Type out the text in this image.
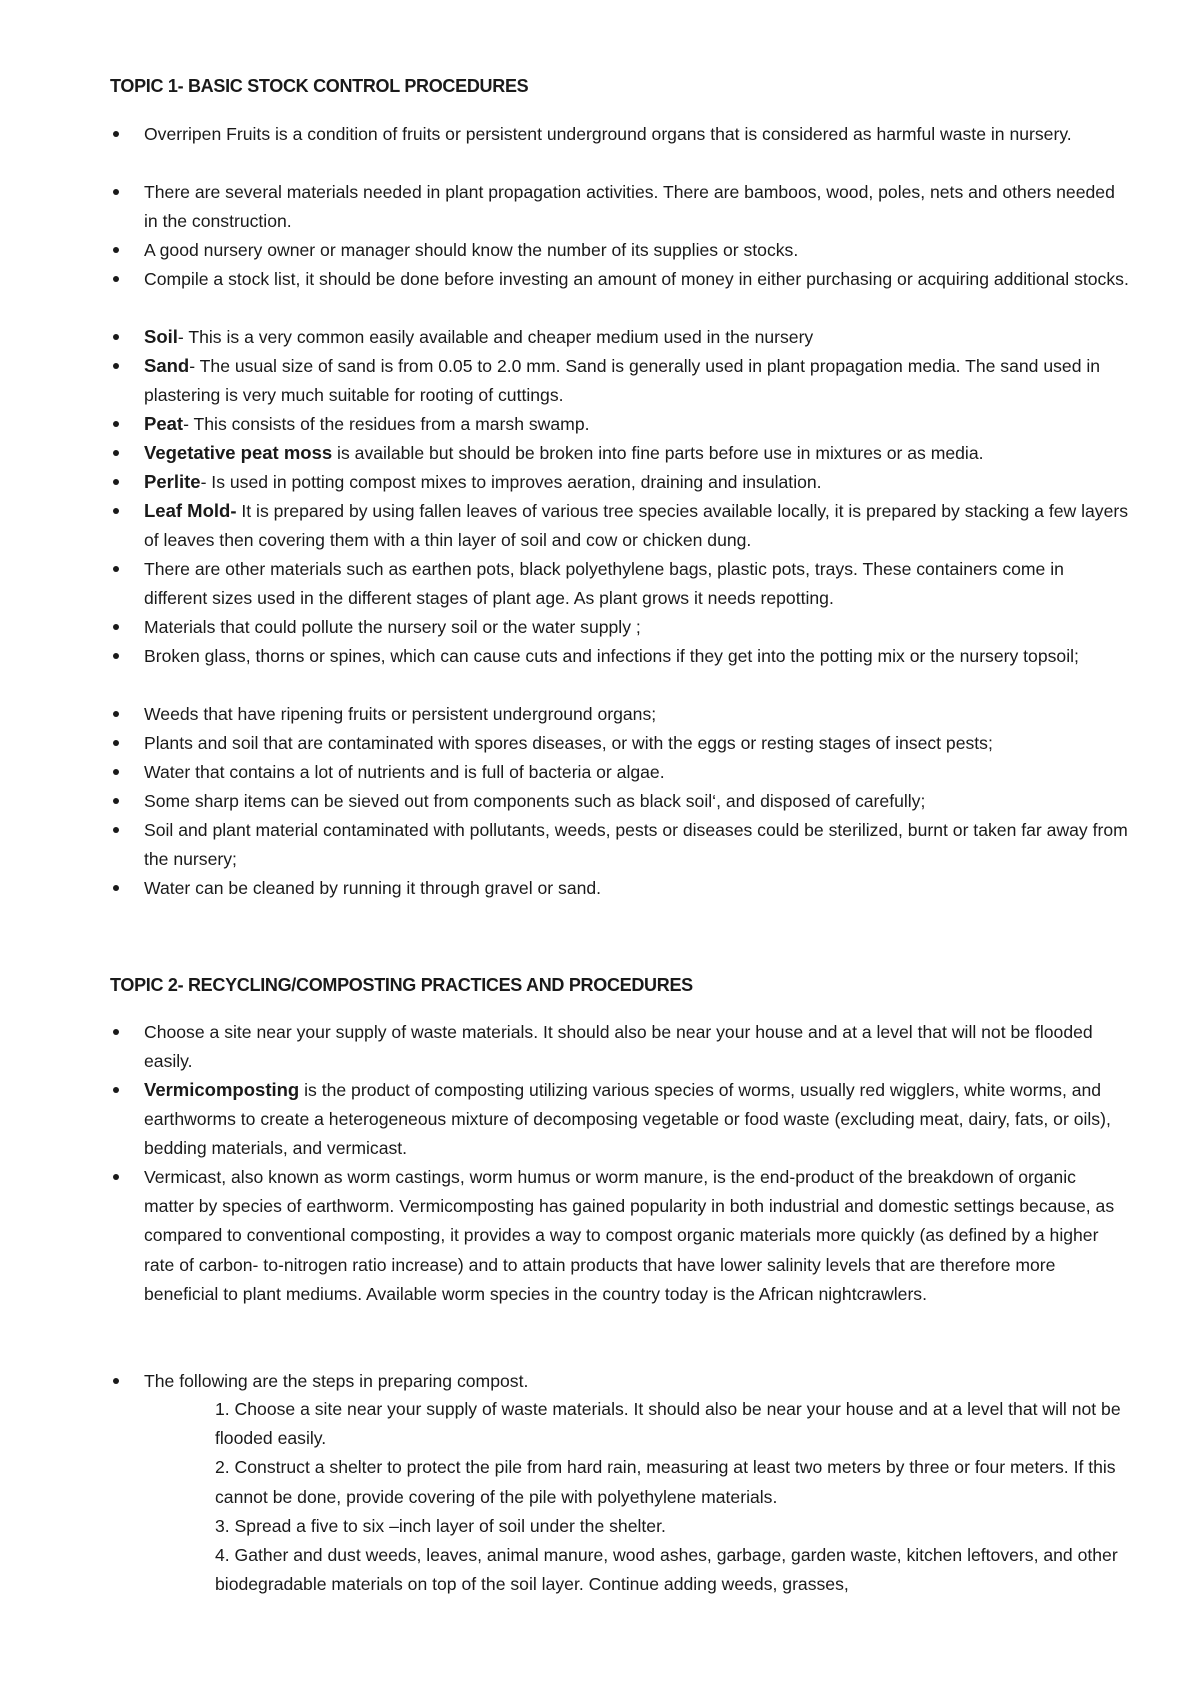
TOPIC 1- BASIC STOCK CONTROL PROCEDURES
Overripen Fruits is a condition of fruits or persistent underground organs that is considered as harmful waste in nursery.
There are several materials needed in plant propagation activities. There are bamboos, wood, poles, nets and others needed in the construction.
A good nursery owner or manager should know the number of its supplies or stocks.
Compile a stock list, it should be done before investing an amount of money in either purchasing or acquiring additional stocks.
Soil- This is a very common easily available and cheaper medium used in the nursery
Sand- The usual size of sand is from 0.05 to 2.0 mm. Sand is generally used in plant propagation media. The sand used in plastering is very much suitable for rooting of cuttings.
Peat- This consists of the residues from a marsh swamp.
Vegetative peat moss is available but should be broken into fine parts before use in mixtures or as media.
Perlite- Is used in potting compost mixes to improves aeration, draining and insulation.
Leaf Mold- It is prepared by using fallen leaves of various tree species available locally, it is prepared by stacking a few layers of leaves then covering them with a thin layer of soil and cow or chicken dung.
There are other materials such as earthen pots, black polyethylene bags, plastic pots, trays. These containers come in different sizes used in the different stages of plant age. As plant grows it needs repotting.
Materials that could pollute the nursery soil or the water supply ;
Broken glass, thorns or spines, which can cause cuts and infections if they get into the potting mix or the nursery topsoil;
Weeds that have ripening fruits or persistent underground organs;
Plants and soil that are contaminated with spores diseases, or with the eggs or resting stages of insect pests;
Water that contains a lot of nutrients and is full of bacteria or algae.
Some sharp items can be sieved out from components such as black soil‘, and disposed of carefully;
Soil and plant material contaminated with pollutants, weeds, pests or diseases could be sterilized, burnt or taken far away from the nursery;
Water can be cleaned by running it through gravel or sand.
TOPIC 2- RECYCLING/COMPOSTING PRACTICES AND PROCEDURES
Choose a site near your supply of waste materials. It should also be near your house and at a level that will not be flooded easily.
Vermicomposting is the product of composting utilizing various species of worms, usually red wigglers, white worms, and earthworms to create a heterogeneous mixture of decomposing vegetable or food waste (excluding meat, dairy, fats, or oils), bedding materials, and vermicast.
Vermicast, also known as worm castings, worm humus or worm manure, is the end-product of the breakdown of organic matter by species of earthworm. Vermicomposting has gained popularity in both industrial and domestic settings because, as compared to conventional composting, it provides a way to compost organic materials more quickly (as defined by a higher rate of carbon- to-nitrogen ratio increase) and to attain products that have lower salinity levels that are therefore more beneficial to plant mediums. Available worm species in the country today is the African nightcrawlers.
The following are the steps in preparing compost.
1. Choose a site near your supply of waste materials. It should also be near your house and at a level that will not be flooded easily.
2. Construct a shelter to protect the pile from hard rain, measuring at least two meters by three or four meters. If this cannot be done, provide covering of the pile with polyethylene materials.
3. Spread a five to six –inch layer of soil under the shelter.
4. Gather and dust weeds, leaves, animal manure, wood ashes, garbage, garden waste, kitchen leftovers, and other biodegradable materials on top of the soil layer. Continue adding weeds, grasses,
